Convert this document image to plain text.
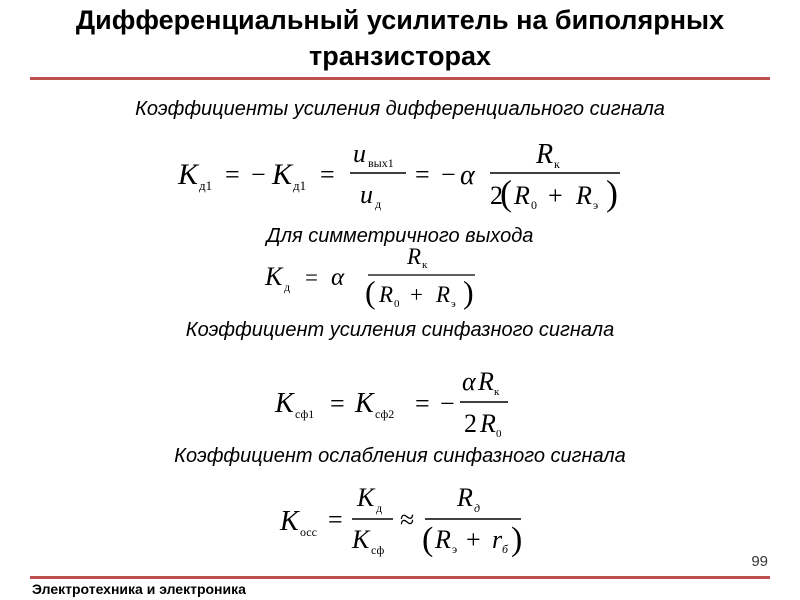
Дифференциальный усилитель на биполярных
транзисторах
Коэффициенты усиления дифференциального сигнала
K д1 = − K д1 =
u вых1
u д
= − α
R к
2
( R 0 + R э )
Для симметричного выхода
K д = α
R к
( R 0 + R э )
Коэффициент усиления синфазного сигнала
K сф1 = K сф2 = −
α R к
2 R 0
Коэффициент ослабления синфазного сигнала
K осс =
K д
K сф
≈
R д
( R э + r б )
99
Электротехника и электроника
